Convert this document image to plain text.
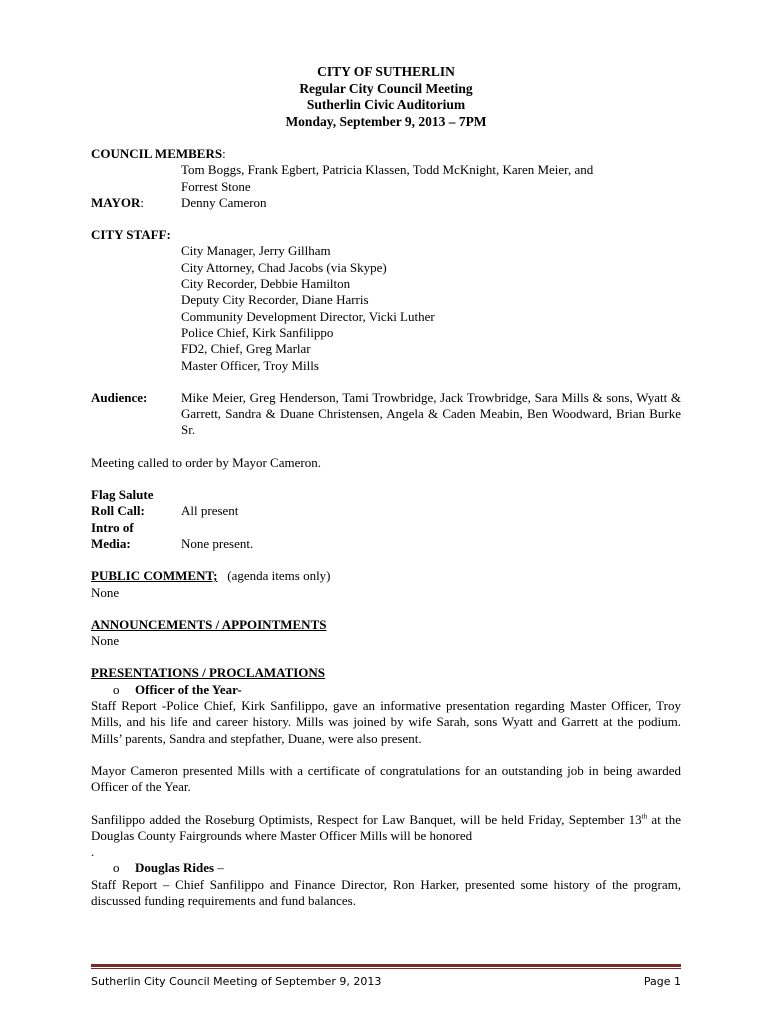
CITY OF SUTHERLIN
Regular City Council Meeting
Sutherlin Civic Auditorium
Monday, September 9, 2013 – 7PM
COUNCIL MEMBERS:
Tom Boggs, Frank Egbert, Patricia Klassen, Todd McKnight, Karen Meier, and
Forrest Stone
MAYOR:	Denny Cameron
CITY STAFF:
City Manager, Jerry Gillham
City Attorney, Chad Jacobs (via Skype)
City Recorder, Debbie Hamilton
Deputy City Recorder, Diane Harris
Community Development Director, Vicki Luther
Police Chief, Kirk Sanfilippo
FD2, Chief, Greg Marlar
Master Officer, Troy Mills
Audience:	Mike Meier, Greg Henderson, Tami Trowbridge, Jack Trowbridge, Sara Mills & sons, Wyatt & Garrett, Sandra & Duane Christensen, Angela & Caden Meabin, Ben Woodward, Brian Burke Sr.
Meeting called to order by Mayor Cameron.
Flag Salute
Roll Call:	All present
Intro of
Media:	None present.
PUBLIC COMMENT; (agenda items only)
None
ANNOUNCEMENTS / APPOINTMENTS
None
PRESENTATIONS / PROCLAMATIONS
o	Officer of the Year-
Staff Report -Police Chief, Kirk Sanfilippo, gave an informative presentation regarding Master Officer, Troy Mills, and his life and career history. Mills was joined by wife Sarah, sons Wyatt and Garrett at the podium. Mills’ parents, Sandra and stepfather, Duane, were also present.
Mayor Cameron presented Mills with a certificate of congratulations for an outstanding job in being awarded Officer of the Year.
Sanfilippo added the Roseburg Optimists, Respect for Law Banquet, will be held Friday, September 13th at the Douglas County Fairgrounds where Master Officer Mills will be honored
.
o	Douglas Rides –
Staff Report – Chief Sanfilippo and Finance Director, Ron Harker, presented some history of the program, discussed funding requirements and fund balances.
Sutherlin City Council Meeting of September 9, 2013	Page 1
